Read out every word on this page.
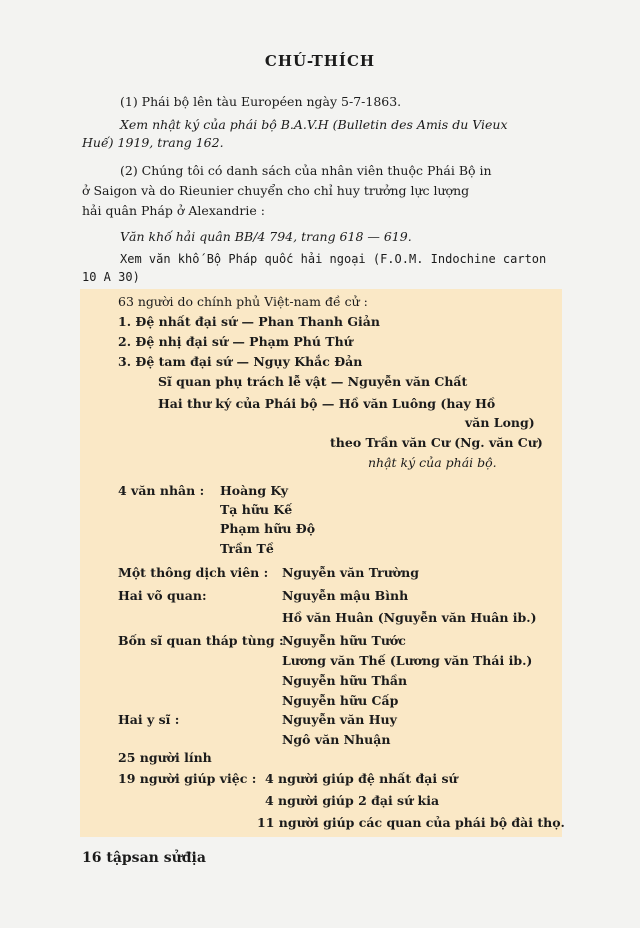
CHÚ-THÍCH
(1) Phái bộ lên tàu Européen ngày 5-7-1863.
Xem nhật ký của phái bộ B.A.V.H (Bulletin des Amis du Vieux
Huế) 1919, trang 162.
(2) Chúng tôi có danh sách của nhân viên thuộc Phái Bộ in
ở Saigon và do Rieunier chuyển cho chỉ huy trưởng lực lượng
hải quân Pháp ở Alexandrie :
Văn khố hải quân BB/4 794, trang 618 — 619.
Xem văn khố Bộ Pháp quốc hải ngoại (F.O.M. Indochine carton
10 A 30)
63 người do chính phủ Việt-nam đề cử :
1. Đệ nhất đại sứ — Phan Thanh Giản
2. Đệ nhị đại sứ — Phạm Phú Thứ
3. Đệ tam đại sứ — Ngụy Khắc Đản
Sĩ quan phụ trách lễ vật — Nguyễn văn Chất
Hai thư ký của Phái bộ — Hồ văn Luông (hay Hồ
văn Long)
theo Trần văn Cư (Ng. văn Cư)
nhật ký của phái bộ.
4 văn nhân : Hoàng Ky
Tạ hữu Kế
Phạm hữu Độ
Trần Tề
Một thông dịch viên : Nguyễn văn Trường
Hai võ quan:	Nguyễn mậu Bình
Hồ văn Huân (Nguyễn văn Huân ib.)
Bốn sĩ quan tháp tùng :
Nguyễn hữu Tước
Lương văn Thế (Lương văn Thái ib.)
Nguyễn hữu Thần
Nguyễn hữu Cấp
Hai y sĩ :	Nguyễn văn Huy
Ngô văn Nhuận
25 người lính
19 người giúp việc : 4 người giúp đệ nhất đại sứ
4 người giúp 2 đại sứ kia
11 người giúp các quan của phái bộ đài thọ.
16 tậpsan sửđịa
